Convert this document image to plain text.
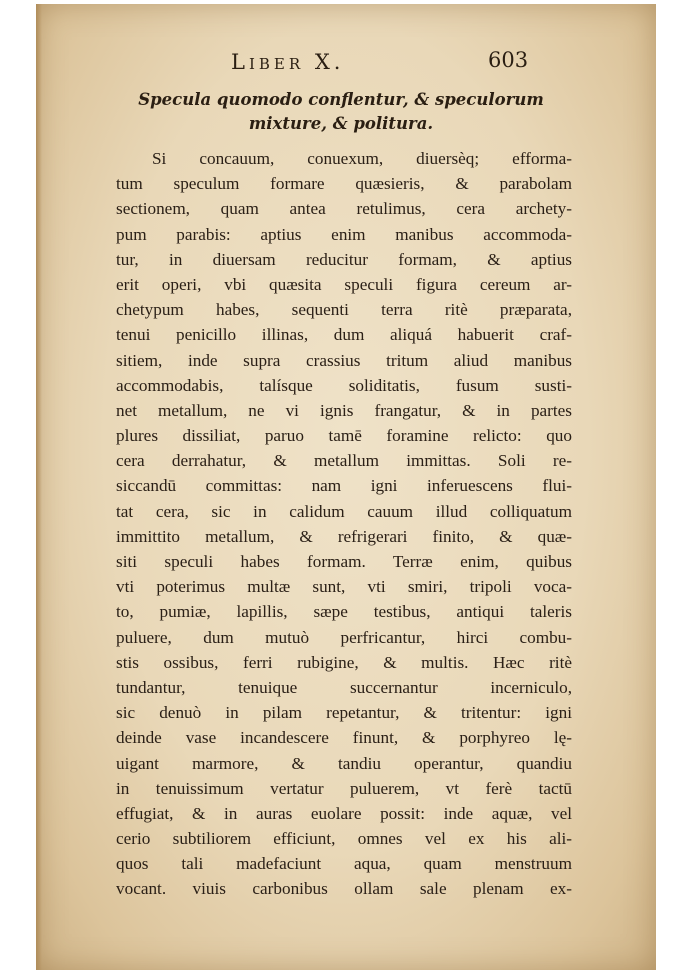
Liber X.	603
Specula quomodo conflentur, & speculorum
mixture, & politura.
Si concauum, conuexum, diuersèq; efforma-
tum speculum formare quæsieris, & parabolam
sectionem, quam antea retulimus, cera archety-
pum parabis: aptius enim manibus accommoda-
tur, in diuersam reducitur formam, & aptius
erit operi, vbi quæsita speculi figura cereum ar-
chetypum habes, sequenti terra ritè præparata,
tenui penicillo illinas, dum aliquá habuerit craf-
sitiem, inde supra crassius tritum aliud manibus
accommodabis, talísque soliditatis, fusum susti-
net metallum, ne vi ignis frangatur, & in partes
plures dissiliat, paruo tamē foramine relicto: quo
cera derrahatur, & metallum immittas. Soli re-
siccandū committas: nam igni inferuescens flui-
tat cera, sic in calidum cauum illud colliquatum
immittito metallum, & refrigerari finito, & quæ-
siti speculi habes formam. Terræ enim, quibus
vti poterimus multæ sunt, vti smiri, tripoli voca-
to, pumiæ, lapillis, sæpe testibus, antiqui taleris
puluere, dum mutuò perfricantur, hirci combu-
stis ossibus, ferri rubigine, & multis. Hæc ritè
tundantur, tenuique succernantur incerniculo,
sic denuò in pilam repetantur, & tritentur: igni
deinde vase incandescere finunt, & porphyreo lę-
uigant marmore, & tandiu operantur, quandiu
in tenuissimum vertatur puluerem, vt ferè tactū
effugiat, & in auras euolare possit: inde aquæ, vel
cerio subtiliorem efficiunt, omnes vel ex his ali-
quos tali madefaciunt aqua, quam menstruum
vocant. viuis carbonibus ollam sale plenam ex-
